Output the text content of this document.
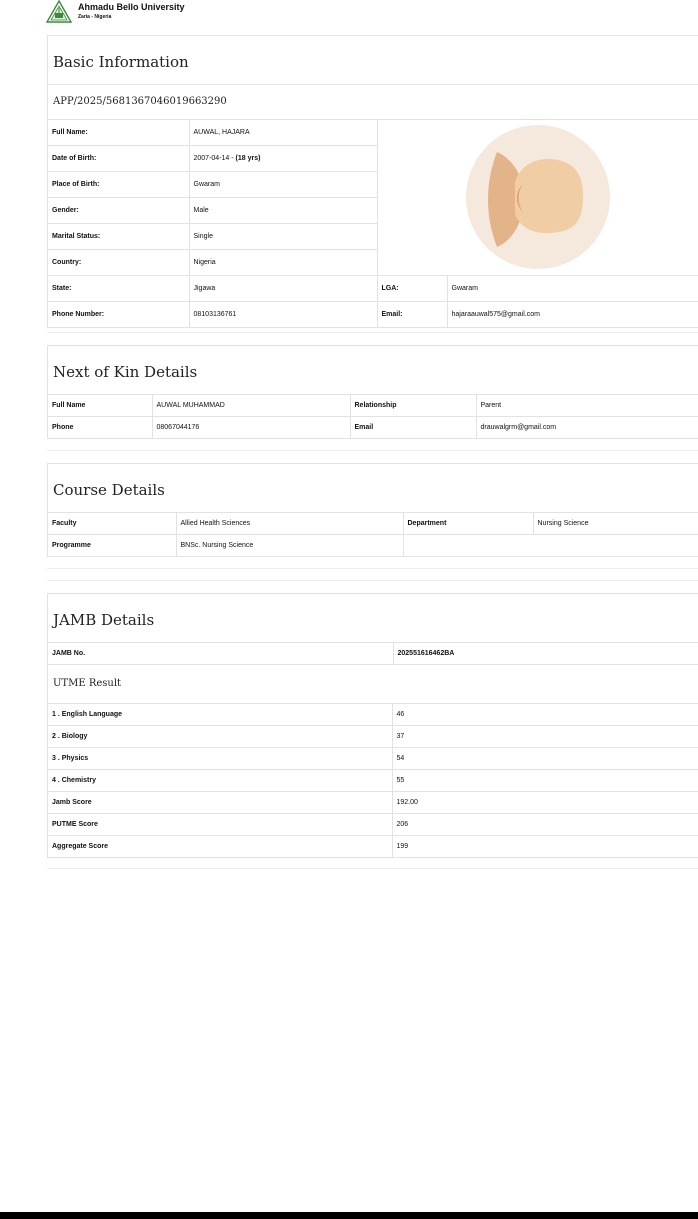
Ahmadu Bello University
Zaria - Nigeria
Basic Information
APP/2025/5681367046019663290
Full Name:	AUWAL, HAJARA	
Date of Birth:	2007-04-14 - (18 yrs)		
Place of Birth:	Gwaram		
Gender:	Male		
Marital Status:	Single		
Country:	Nigeria		
State:	Jigawa	LGA:	Gwaram
Phone Number:	08103136761	Email:	hajaraauwal575@gmail.com
Next of Kin Details
Full Name	AUWAL MUHAMMAD	Relationship	Parent
Phone	08067044176	Email	drauwalgrm@gmail.com
Course Details
Faculty	Allied Health Sciences	Department	Nursing Science
Programme	BNSc. Nursing Science		
JAMB Details
JAMB No.	202551616462BA
UTME Result
1 . English Language	46
2 . Biology	37
3 . Physics	54
4 . Chemistry	55
Jamb Score	192.00
PUTME Score	206
Aggregate Score	199
